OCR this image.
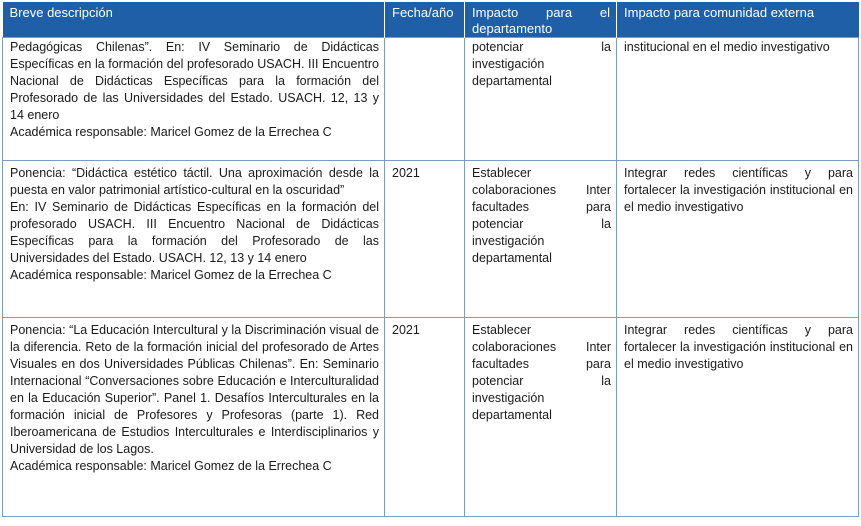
Breve descripción	Fecha/año	Impacto para el departamento	Impacto para comunidad externa

Pedagógicas Chilenas”. En: IV Seminario de Didácticas Específicas en la formación del profesorado USACH. III Encuentro Nacional de Didácticas Específicas para la formación del Profesorado de las Universidades del Estado. USACH. 12, 13 y 14 enero

Académica responsable: Maricel Gomez de la Errechea C		potenciar la investigación departamental	institucional en el medio investigativo

Ponencia: “Didáctica estético táctil. Una aproximación desde la puesta en valor patrimonial artístico-cultural en la oscuridad”

En: IV Seminario de Didácticas Específicas en la formación del profesorado USACH. III Encuentro Nacional de Didácticas Específicas para la formación del Profesorado de las Universidades del Estado. USACH. 12, 13 y 14 enero

Académica responsable: Maricel Gomez de la Errechea C	2021	Establecer colaboraciones Inter facultades para potenciar la investigación departamental	Integrar redes científicas y para fortalecer la investigación institucional en el medio investigativo

Ponencia: “La Educación Intercultural y la Discriminación visual de la diferencia. Reto de la formación inicial del profesorado de Artes Visuales en dos Universidades Públicas Chilenas”. En: Seminario Internacional “Conversaciones sobre Educación e Interculturalidad en la Educación Superior”. Panel 1. Desafíos Interculturales en la formación inicial de Profesores y Profesoras (parte 1). Red Iberoamericana de Estudios Interculturales e Interdisciplinarios y Universidad de los Lagos.

Académica responsable: Maricel Gomez de la Errechea C	2021	Establecer colaboraciones Inter facultades para potenciar la investigación departamental	Integrar redes científicas y para fortalecer la investigación institucional en el medio investigativo
